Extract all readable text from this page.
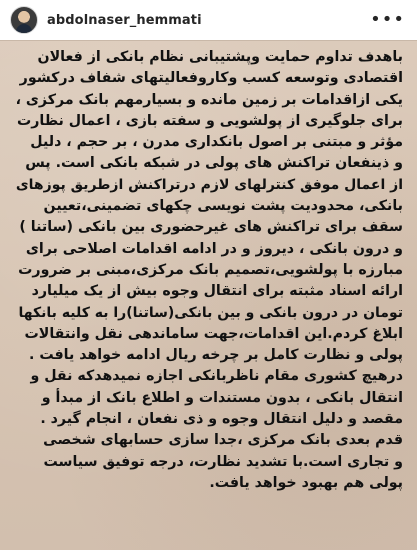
abdolnaser_hemmati	•••
باهدف تداوم حمایت وپشتیبانی نظام بانکی از فعالان
اقتصادی وتوسعه کسب وکاروفعالیتهای شفاف درکشور
یکی ازاقدامات بر زمین مانده و بسیارمهم بانک مرکزی ،
برای جلوگیری از پولشویی و سفته بازی ، اعمال نظارت
مؤثر و مبتنی بر اصول بانکداری مدرن ، بر حجم ، دلیل
و ذینفعان تراکنش های پولی در شبکه بانکی است. پس
از اعمال موفق کنترلهای لازم درتراکنش ازطریق پوزهای
بانکی، محدودیت پشت نویسی چکهای تضمینی،تعیین
سقف برای تراکنش های غیرحضوری بین بانکی (ساتنا )
و درون بانکی ، دیروز و در ادامه اقدامات اصلاحی برای
مبارزه با پولشویی،تصمیم بانک مرکزی،مبنی بر ضرورت
ارائه اسناد مثبته برای انتقال وجوه بیش از یک میلیارد
تومان در درون بانکی و بین بانکی(ساتنا)را به کلیه بانکها
ابلاغ کردم.این اقدامات،جهت ساماندهی نقل وانتقالات
پولی و نظارت کامل بر چرخه ریال ادامه خواهد یافت .
درهیچ کشوری مقام ناظربانکی اجازه نمیدهدکه نقل و
انتقال بانکی ، بدون مستندات و اطلاع بانک از مبدأ و
مقصد و دلیل انتقال وجوه و ذی نفعان ، انجام گیرد .
قدم بعدی بانک مرکزی ،جدا سازی حسابهای شخصی
و تجاری است.با تشدید نظارت، درجه توفیق سیاست
پولی هم بهبود خواهد یافت.
